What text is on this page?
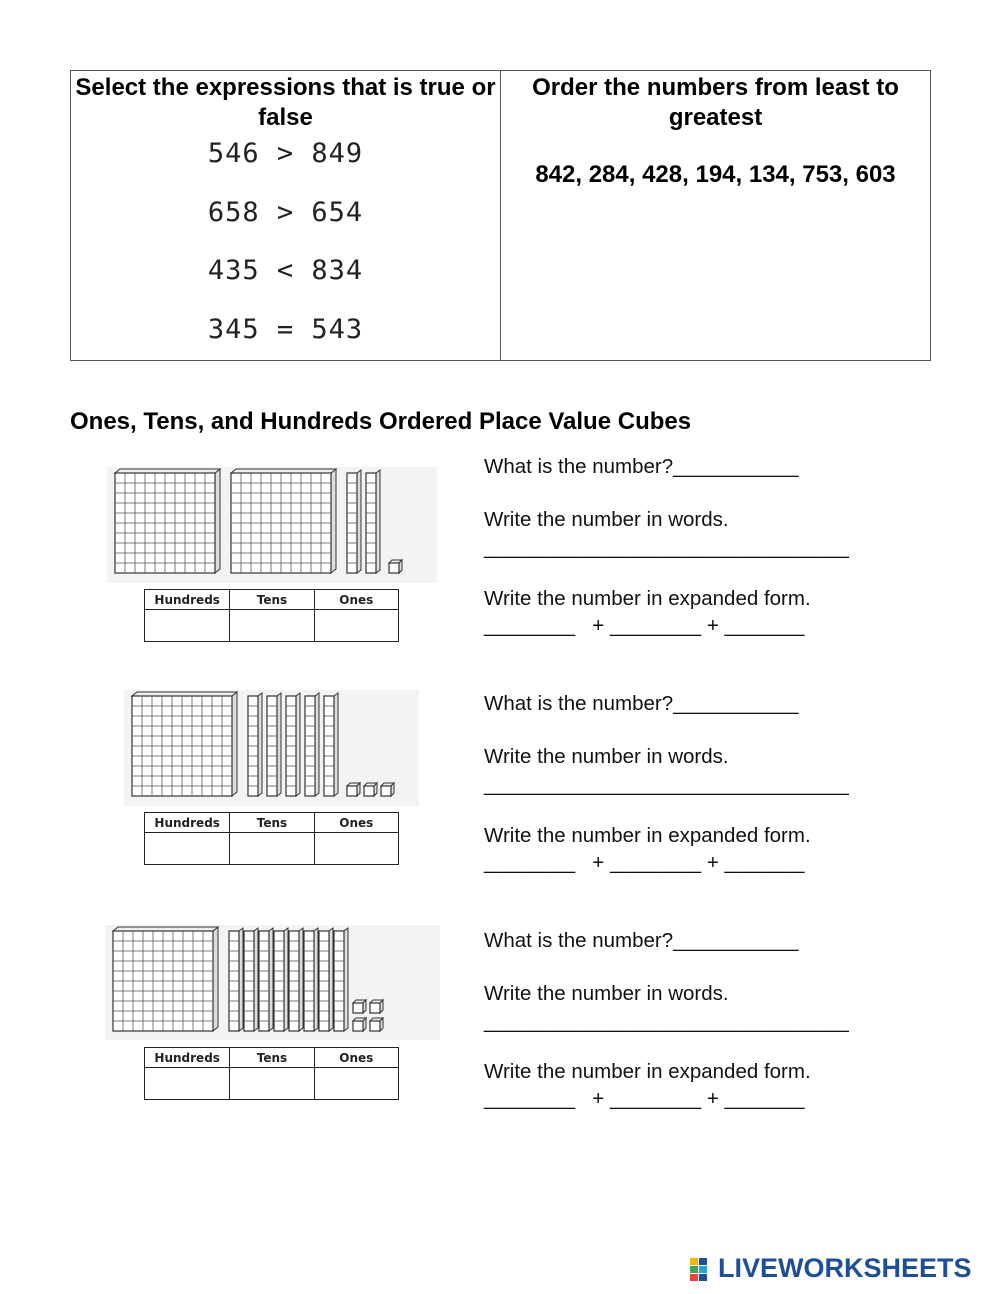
Select the expressions that is true or false
546 > 849
658 > 654
435 < 834
345 = 543
Order the numbers from least to greatest
842, 284, 428, 194, 134, 753, 603
Ones, Tens, and Hundreds Ordered Place Value Cubes
Hundreds	Tens	Ones

What is the number?___________
Write the number in words.
________________________________
Write the number in expanded form.
________   + ________ + _______
Hundreds	Tens	Ones

What is the number?___________
Write the number in words.
________________________________
Write the number in expanded form.
________   + ________ + _______
Hundreds	Tens	Ones

What is the number?___________
Write the number in words.
________________________________
Write the number in expanded form.
________   + ________ + _______
LIVEWORKSHEETS
